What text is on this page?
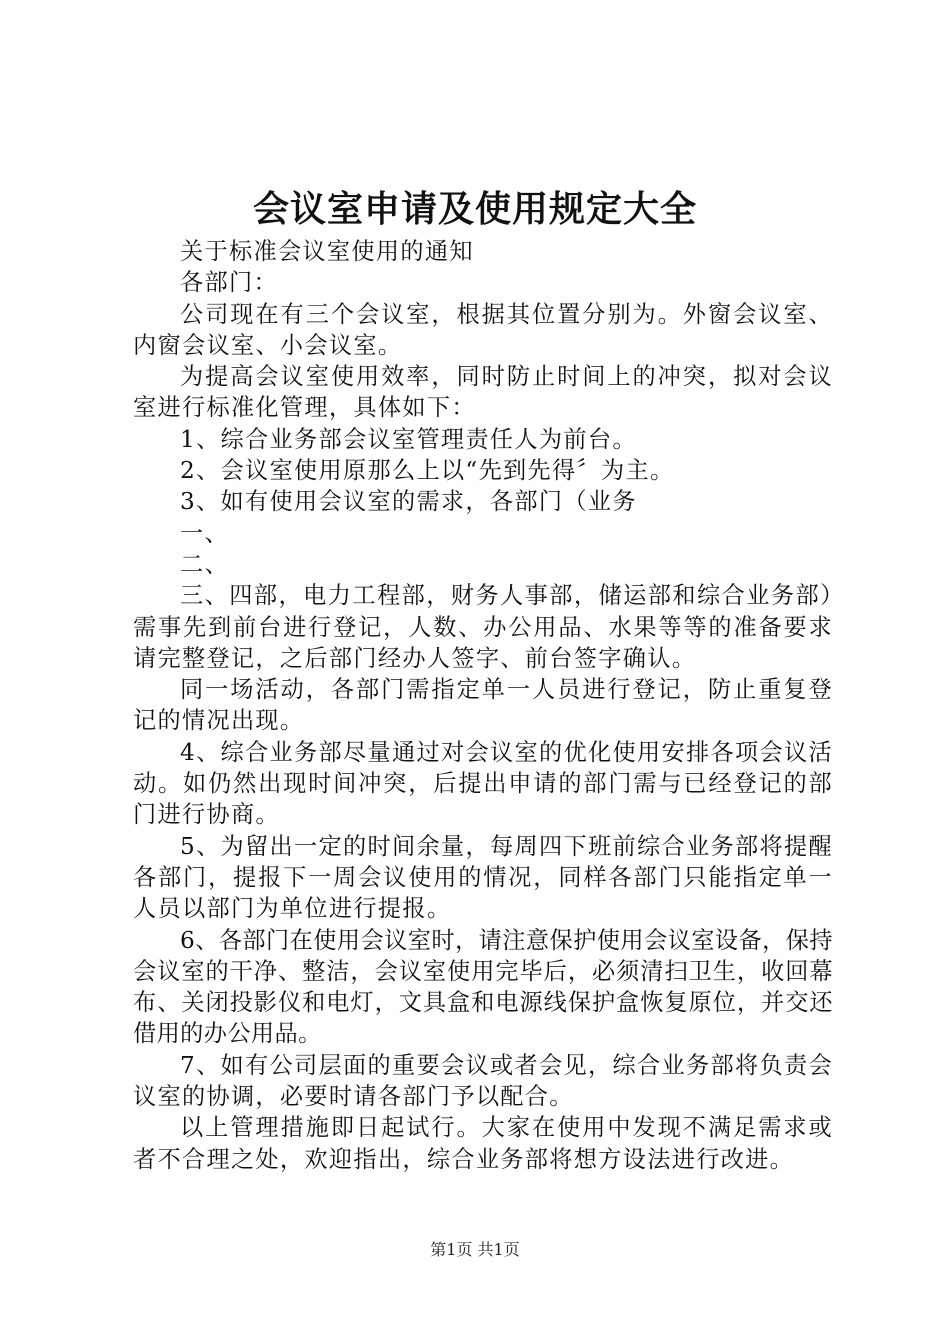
会议室申请及使用规定大全

关于标准会议室使用的通知

各部门：

公司现在有三个会议室，根据其位置分别为。外窗会议室、内窗会议室、小会议室。

为提高会议室使用效率，同时防止时间上的冲突，拟对会议室进行标准化管理，具体如下：

1、综合业务部会议室管理责任人为前台。

2、会议室使用原那么上以“先到先得〞为主。

3、如有使用会议室的需求，各部门（业务

一、

二、

三、四部，电力工程部，财务人事部，储运部和综合业务部）需事先到前台进行登记，人数、办公用品、水果等等的准备要求请完整登记，之后部门经办人签字、前台签字确认。

同一场活动，各部门需指定单一人员进行登记，防止重复登记的情况出现。

4、综合业务部尽量通过对会议室的优化使用安排各项会议活动。如仍然出现时间冲突，后提出申请的部门需与已经登记的部门进行协商。

5、为留出一定的时间余量，每周四下班前综合业务部将提醒各部门，提报下一周会议使用的情况，同样各部门只能指定单一人员以部门为单位进行提报。

6、各部门在使用会议室时，请注意保护使用会议室设备，保持会议室的干净、整洁，会议室使用完毕后，必须清扫卫生，收回幕布、关闭投影仪和电灯，文具盒和电源线保护盒恢复原位，并交还借用的办公用品。

7、如有公司层面的重要会议或者会见，综合业务部将负责会议室的协调，必要时请各部门予以配合。

以上管理措施即日起试行。大家在使用中发现不满足需求或者不合理之处，欢迎指出，综合业务部将想方设法进行改进。

第1页 共1页
